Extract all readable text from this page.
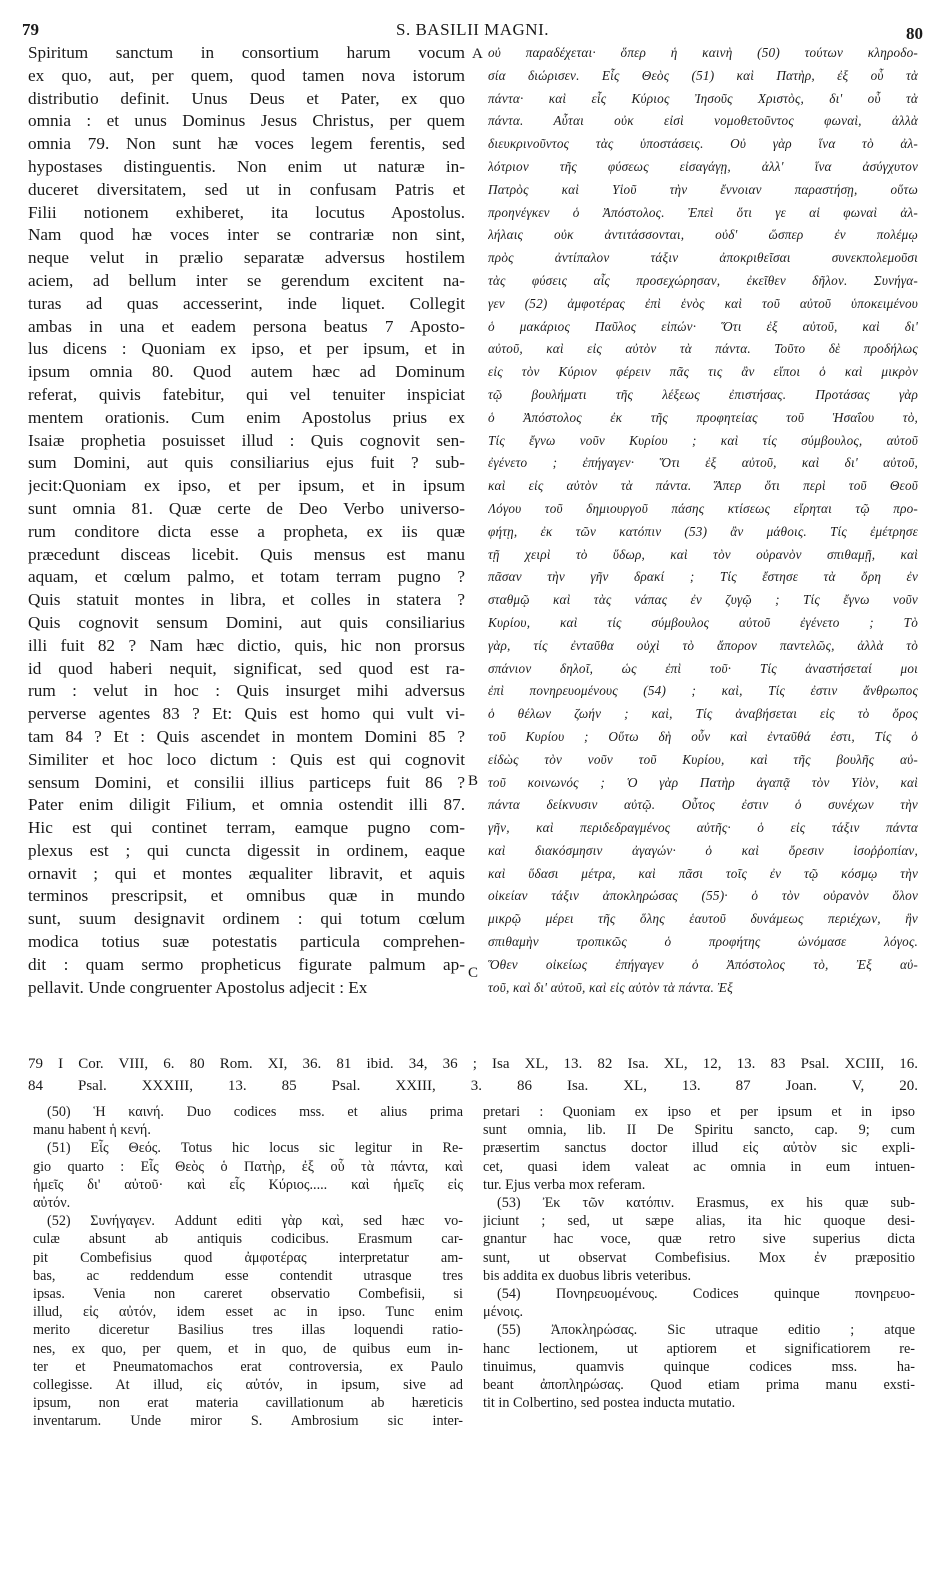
79	S. BASILII MAGNI.	80
Spiritum sanctum in consortium harum vocum
ex quo, aut, per quem, quod tamen nova istorum
distributio definit. Unus Deus et Pater, ex quo
omnia : et unus Dominus Jesus Christus, per quem
omnia 79. Non sunt hæ voces legem ferentis, sed
hypostases distinguentis. Non enim ut naturæ in-
duceret diversitatem, sed ut in confusam Patris et
Filii notionem exhiberet, ita locutus Apostolus.
Nam quod hæ voces inter se contrariæ non sint,
neque velut in prælio separatæ adversus hostilem
aciem, ad bellum inter se gerendum excitent na-
turas ad quas accesserint, inde liquet. Collegit
ambas in una et eadem persona beatus 7 Aposto-
lus dicens : Quoniam ex ipso, et per ipsum, et in
ipsum omnia 80. Quod autem hæc ad Dominum
referat, quivis fatebitur, qui vel tenuiter inspiciat
mentem orationis. Cum enim Apostolus prius ex
Isaiæ prophetia posuisset illud : Quis cognovit sen-
sum Domini, aut quis consiliarius ejus fuit ? sub-
jecit:Quoniam ex ipso, et per ipsum, et in ipsum
sunt omnia 81. Quæ certe de Deo Verbo universo-
rum conditore dicta esse a propheta, ex iis quæ
præcedunt disceas licebit. Quis mensus est manu
aquam, et cœlum palmo, et totam terram pugno ?
Quis statuit montes in libra, et colles in statera ?
Quis cognovit sensum Domini, aut quis consiliarius
illi fuit 82 ? Nam hæc dictio, quis, hic non prorsus
id quod haberi nequit, significat, sed quod est ra-
rum : velut in hoc : Quis insurget mihi adversus
perverse agentes 83 ? Et: Quis est homo qui vult vi-
tam 84 ? Et : Quis ascendet in montem Domini 85 ?
Similiter et hoc loco dictum : Quis est qui cognovit
sensum Domini, et consilii illius particeps fuit 86 ?
Pater enim diligit Filium, et omnia ostendit illi 87.
Hic est qui continet terram, eamque pugno com-
plexus est ; qui cuncta digessit in ordinem, eaque
ornavit ; qui et montes æqualiter libravit, et aquis
terminos prescripsit, et omnibus quæ in mundo
sunt, suum designavit ordinem : qui totum cœlum
modica totius suæ potestatis particula comprehen-
dit : quam sermo propheticus figurate palmum ap-
pellavit. Unde congruenter Apostolus adjecit : Ex
οὐ παραδέχεται· ὅπερ ἡ καινὴ (50) τούτων κληροδο-
σία διώρισεν. Εἷς Θεὸς (51) καὶ Πατὴρ, ἐξ οὗ τὰ
πάντα· καὶ εἷς Κύριος Ἰησοῦς Χριστὸς, δι' οὗ τὰ
πάντα. Αὗται οὐκ εἰσὶ νομοθετοῦντος φωναὶ, ἀλλὰ
διευκρινοῦντος τὰς ὑποστάσεις. Οὐ γὰρ ἵνα τὸ ἀλ-
λότριον τῆς φύσεως εἰσαγάγῃ, ἀλλ' ἵνα ἀσύγχυτον
Πατρὸς καὶ Υἱοῦ τὴν ἔννοιαν παραστήσῃ, οὕτω
προηνέγκεν ὁ Ἀπόστολος. Ἐπεὶ ὅτι γε αἱ φωναὶ ἀλ-
λήλαις οὐκ ἀντιτάσσονται, οὐδ' ὥσπερ ἐν πολέμῳ
πρὸς ἀντίπαλον τάξιν ἀποκριθεῖσαι συνεκπολεμοῦσι
τὰς φύσεις αἷς προσεχώρησαν, ἐκεῖθεν δῆλον. Συνήγα-
γεν (52) ἀμφοτέρας ἐπὶ ἑνὸς καὶ τοῦ αὐτοῦ ὑποκειμένου
ὁ μακάριος Παῦλος εἰπών· Ὅτι ἐξ αὐτοῦ, καὶ δι'
αὐτοῦ, καὶ εἰς αὐτὸν τὰ πάντα. Τοῦτο δὲ προδήλως
εἰς τὸν Κύριον φέρειν πᾶς τις ἂν εἴποι ὁ καὶ μικρὸν
τῷ βουλήματι τῆς λέξεως ἐπιστήσας. Προτάσας γὰρ
ὁ Ἀπόστολος ἐκ τῆς προφητείας τοῦ Ἡσαΐου τὸ,
Τίς ἔγνω νοῦν Κυρίου ; καὶ τίς σύμβουλος, αὐτοῦ
ἐγένετο ; ἐπήγαγεν· Ὅτι ἐξ αὐτοῦ, καὶ δι' αὐτοῦ,
καὶ εἰς αὐτὸν τὰ πάντα. Ἅπερ ὅτι περὶ τοῦ Θεοῦ
Λόγου τοῦ δημιουργοῦ πάσης κτίσεως εἴρηται τῷ προ-
φήτῃ, ἐκ τῶν κατόπιν (53) ἂν μάθοις. Τίς ἐμέτρησε
τῇ χειρὶ τὸ ὕδωρ, καὶ τὸν οὐρανὸν σπιθαμῇ, καὶ
πᾶσαν τὴν γῆν δρακί ; Τίς ἔστησε τὰ ὄρη ἐν
σταθμῷ καὶ τὰς νάπας ἐν ζυγῷ ; Τίς ἔγνω νοῦν
Κυρίου, καὶ τίς σύμβουλος αὐτοῦ ἐγένετο ; Τὸ
γὰρ, τίς ἐνταῦθα οὐχὶ τὸ ἄπορον παντελῶς, ἀλλὰ τὸ
σπάνιον δηλοῖ, ὡς ἐπὶ τοῦ· Τίς ἀναστήσεταί μοι
ἐπὶ πονηρευομένους (54) ; καὶ, Τίς ἐστιν ἄνθρωπος
ὁ θέλων ζωήν ; καὶ, Τίς ἀναβήσεται εἰς τὸ ὄρος
τοῦ Κυρίου ; Οὕτω δὴ οὖν καὶ ἐνταῦθά ἐστι, Τίς ὁ
εἰδὼς τὸν νοῦν τοῦ Κυρίου, καὶ τῆς βουλῆς αὐ-
τοῦ κοινωνός ; Ὁ γὰρ Πατὴρ ἀγαπᾷ τὸν Υἱὸν, καὶ
πάντα δείκνυσιν αὐτῷ. Οὗτος ἐστιν ὁ συνέχων τὴν
γῆν, καὶ περιδεδραγμένος αὐτῆς· ὁ εἰς τάξιν πάντα
καὶ διακόσμησιν ἀγαγών· ὁ καὶ ὄρεσιν ἰσοῤῥοπίαν,
καὶ ὕδασι μέτρα, καὶ πᾶσι τοῖς ἐν τῷ κόσμῳ τὴν
οἰκείαν τάξιν ἀποκληρώσας (55)· ὁ τὸν οὐρανὸν ὅλον
μικρῷ μέρει τῆς ὅλης ἑαυτοῦ δυνάμεως περιέχων, ἣν
σπιθαμὴν τροπικῶς ὁ προφήτης ὠνόμασε λόγος.
Ὅθεν οἰκείως ἐπήγαγεν ὁ Ἀπόστολος τὸ, Ἐξ αὐ-
τοῦ, καὶ δι' αὐτοῦ, καὶ εἰς αὐτὸν τὰ πάντα. Ἐξ
A
B
C
79 I Cor. VIII, 6. 80 Rom. XI, 36. 81 ibid. 34, 36 ; Isa XL, 13. 82 Isa. XL, 12, 13. 83 Psal. XCIII, 16.
84 Psal. XXXIII, 13. 85 Psal. XXIII, 3. 86 Isa. XL, 13. 87 Joan. V, 20.
(50) Ἡ καινή. Duo codices mss. et alius prima
manu habent ἡ κενή.
(51) Εἷς Θεός. Totus hic locus sic legitur in Re-
gio quarto : Εἷς Θεὸς ὁ Πατὴρ, ἐξ οὗ τὰ πάντα, καὶ
ἡμεῖς δι' αὐτοῦ· καὶ εἷς Κύριος..... καὶ ἡμεῖς εἰς
αὐτόν.
(52) Συνήγαγεν. Addunt editi γὰρ καὶ, sed hæc vo-
culæ absunt ab antiquis codicibus. Erasmum car-
pit Combefisius quod ἀμφοτέρας interpretatur am-
bas, ac reddendum esse contendit utrasque tres
ipsas. Venia non careret observatio Combefisii, si
illud, εἰς αὐτόν, idem esset ac in ipso. Tunc enim
merito diceretur Basilius tres illas loquendi ratio-
nes, ex quo, per quem, et in quo, de quibus eum in-
ter et Pneumatomachos erat controversia, ex Paulo
collegisse. At illud, εἰς αὐτόν, in ipsum, sive ad
ipsum, non erat materia cavillationum ab hæreticis
inventarum. Unde miror S. Ambrosium sic inter-
pretari : Quoniam ex ipso et per ipsum et in ipso
sunt omnia, lib. II De Spiritu sancto, cap. 9; cum
præsertim sanctus doctor illud εἰς αὐτὸν sic expli-
cet, quasi idem valeat ac omnia in eum intuen-
tur. Ejus verba mox referam.
(53) Ἐκ τῶν κατόπιν. Erasmus, ex his quæ sub-
jiciunt ; sed, ut sæpe alias, ita hic quoque desi-
gnantur hac voce, quæ retro sive superius dicta
sunt, ut observat Combefisius. Mox ἐν præpositio
bis addita ex duobus libris veteribus.
(54) Πονηρευομένους. Codices quinque πονηρευο-
μένοις.
(55) Ἀποκληρώσας. Sic utraque editio ; atque
hanc lectionem, ut aptiorem et significatiorem re-
tinuimus, quamvis quinque codices mss. ha-
beant ἀποπληρώσας. Quod etiam prima manu exsti-
tit in Colbertino, sed postea inducta mutatio.
